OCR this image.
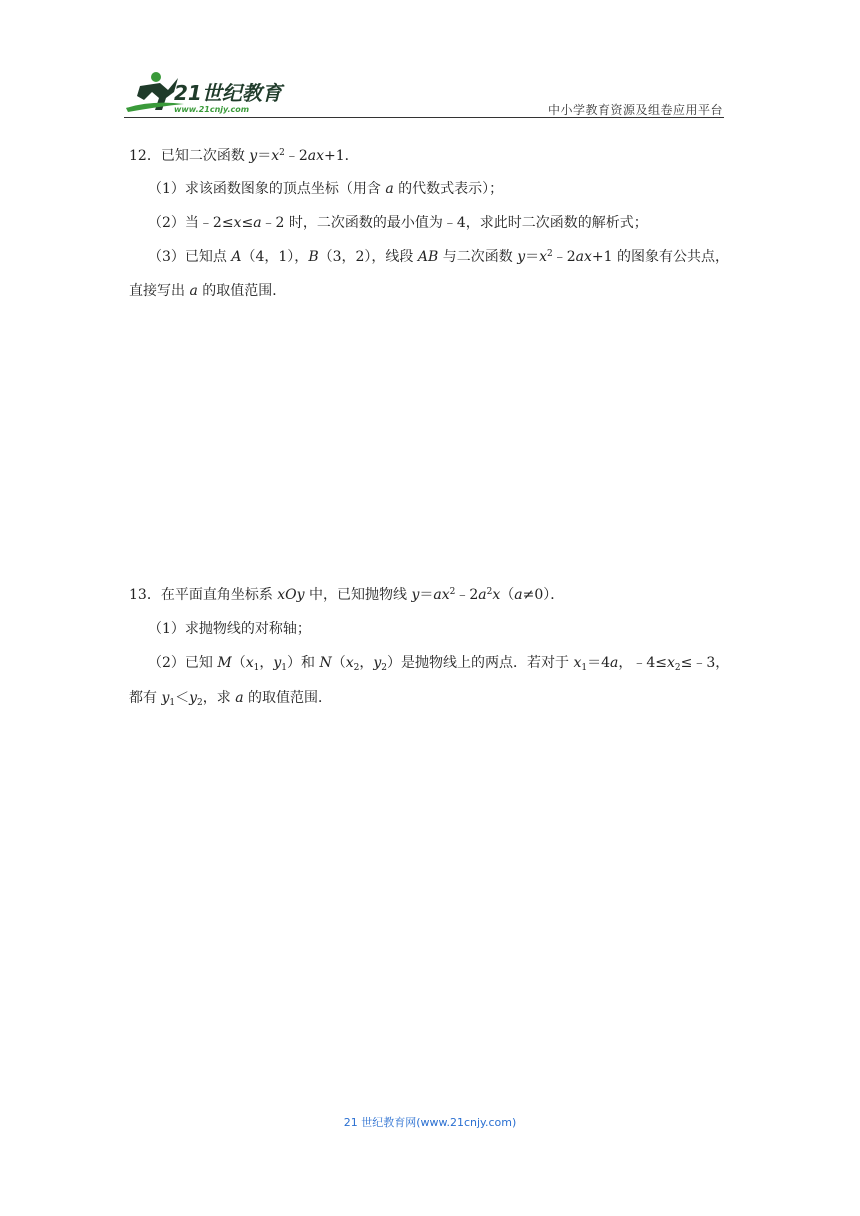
21世纪教育
www.21cnjy.com	中小学教育资源及组卷应用平台
12．已知二次函数 $y=x^2﹣2ax+1$．
（1）求该函数图象的顶点坐标（用含 a 的代数式表示）；
（2）当﹣2≤x≤a﹣2 时，二次函数的最小值为﹣4，求此时二次函数的解析式；
（3）已知点 A（4，1），B（3，2），线段 AB 与二次函数 $y=x^2﹣2ax+1$ 的图象有公共点，
直接写出 a 的取值范围．
13．在平面直角坐标系 xOy 中，已知抛物线 $y=ax^2﹣2a^2x(a\ne 0)$．
（1）求抛物线的对称轴；
（2）已知 $M(x_1$，$y_1$）和 $N(x_2$，$y_2$）是抛物线上的两点．若对于 $x_1=4a$，$﹣4\le x_2\le﹣3$，
都有 $y_1<y_2$，求 a 的取值范围．
21 世纪教育网(www.21cnjy.com)
